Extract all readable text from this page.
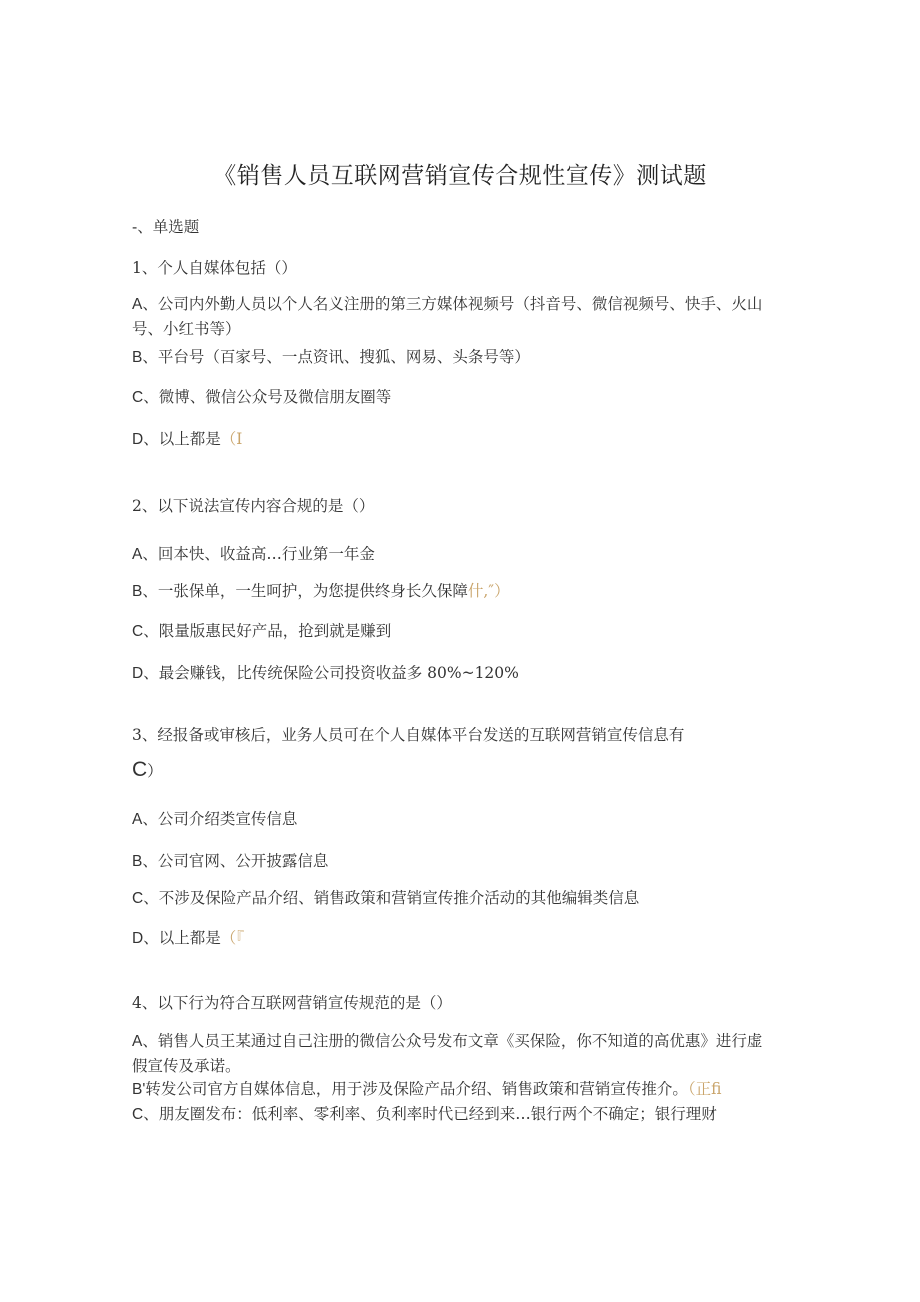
《销售人员互联网营销宣传合规性宣传》测试题
-、单选题
1、个人自媒体包括（）
A、公司内外勤人员以个人名义注册的第三方媒体视频号（抖音号、微信视频号、快手、火山号、小红书等）
B、平台号（百家号、一点资讯、搜狐、网易、头条号等）
C、微博、微信公众号及微信朋友圈等
D、以上都是（I
2、以下说法宣传内容合规的是（）
A、回本快、收益高…行业第一年金
B、一张保单，一生呵护，为您提供终身长久保障什,″）
C、限量版惠民好产品，抢到就是赚到
D、最会赚钱，比传统保险公司投资收益多 80%~120%
3、经报备或审核后，业务人员可在个人自媒体平台发送的互联网营销宣传信息有
C）
A、公司介绍类宣传信息
B、公司官网、公开披露信息
C、不涉及保险产品介绍、销售政策和营销宣传推介活动的其他编辑类信息
D、以上都是（『
4、以下行为符合互联网营销宣传规范的是（）
A、销售人员王某通过自己注册的微信公众号发布文章《买保险，你不知道的高优惠》进行虚假宣传及承诺。
B'转发公司官方自媒体信息，用于涉及保险产品介绍、销售政策和营销宣传推介。（正fi
C、朋友圈发布：低利率、零利率、负利率时代已经到来…银行两个不确定；银行理财
